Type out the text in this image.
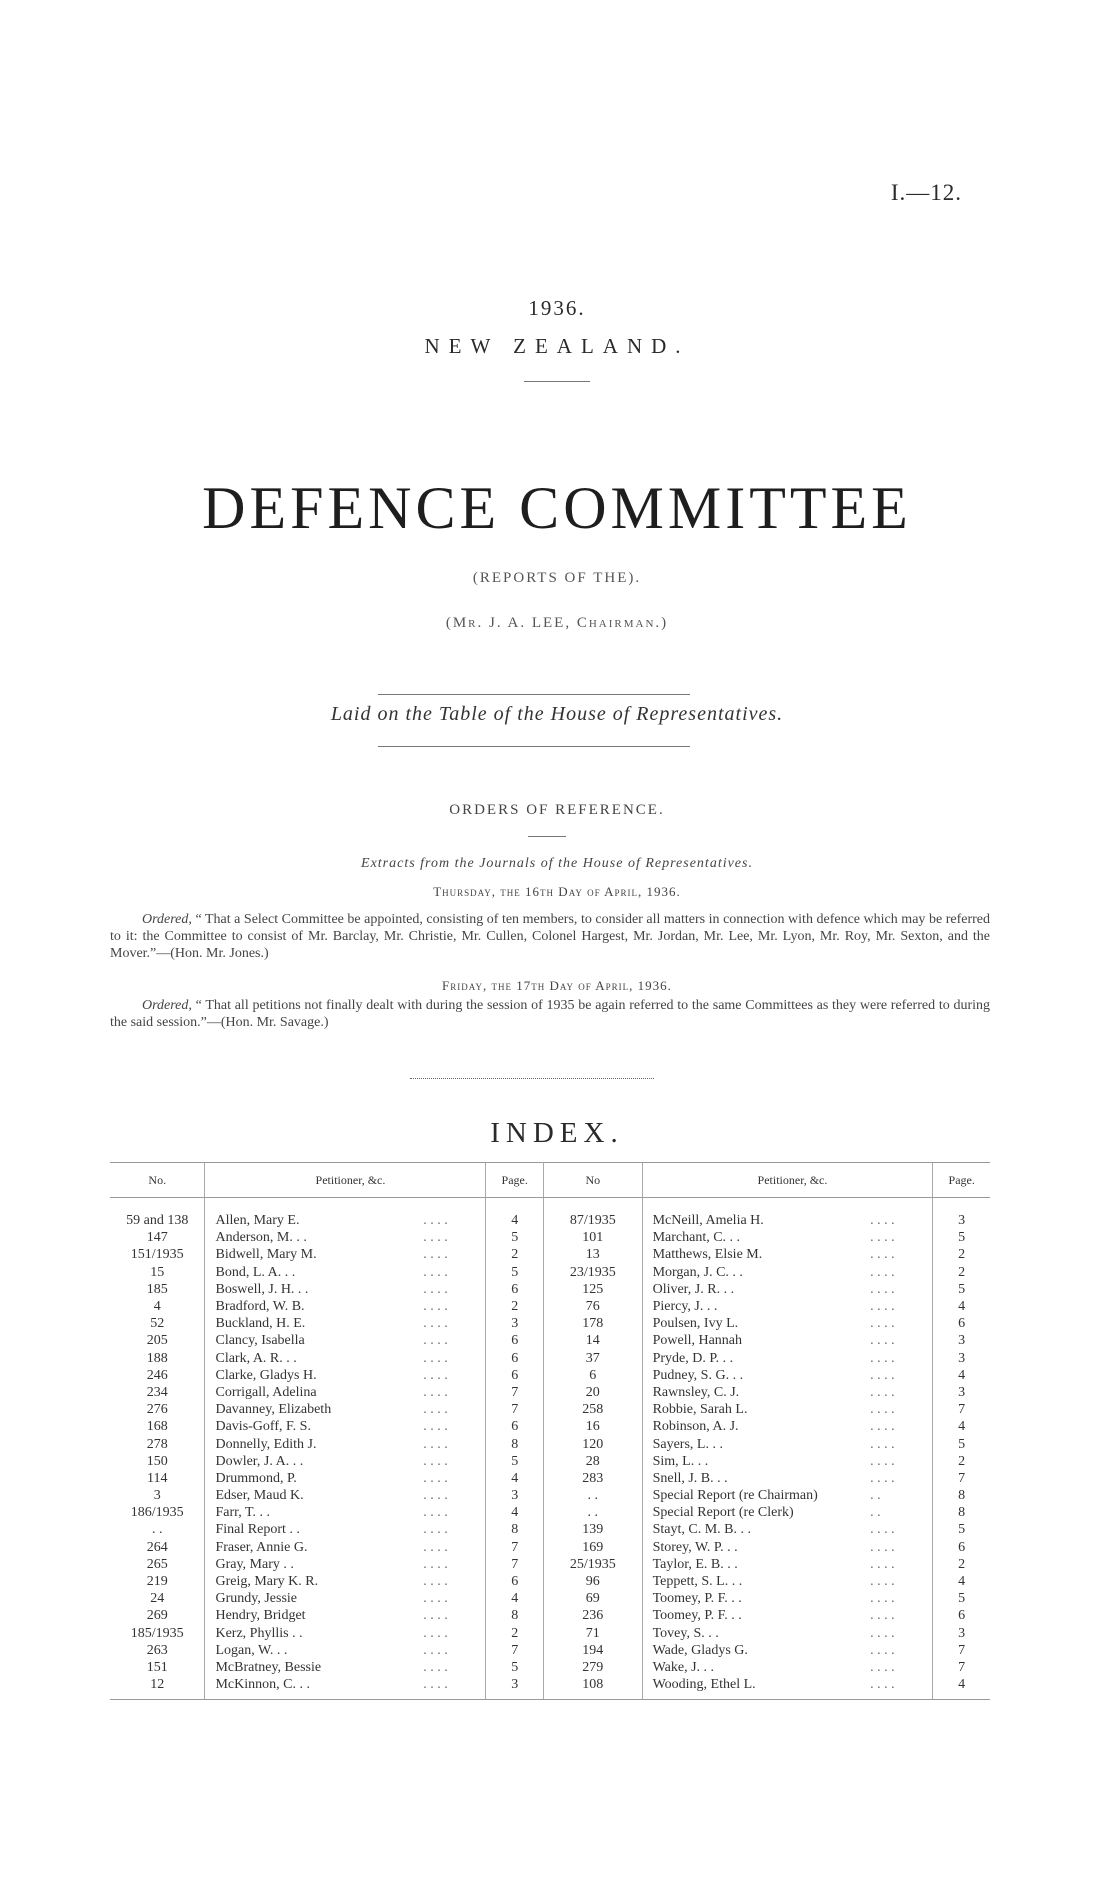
I.—12.
1936.
NEW ZEALAND.
DEFENCE COMMITTEE
(REPORTS OF THE).
(Mr. J. A. LEE, Chairman.)
Laid on the Table of the House of Representatives.
ORDERS OF REFERENCE.
Extracts from the Journals of the House of Representatives.
Thursday, the 16th Day of April, 1936.
Ordered, “ That a Select Committee be appointed, consisting of ten members, to consider all matters in connection with defence which may be referred to it: the Committee to consist of Mr. Barclay, Mr. Christie, Mr. Cullen, Colonel Hargest, Mr. Jordan, Mr. Lee, Mr. Lyon, Mr. Roy, Mr. Sexton, and the Mover.”—(Hon. Mr. Jones.)
Friday, the 17th Day of April, 1936.
Ordered, “ That all petitions not finally dealt with during the session of 1935 be again referred to the same Committees as they were referred to during the said session.”—(Hon. Mr. Savage.)
INDEX.
No.	Petitioner, &c.		Page.	No	Petitioner, &c.		Page.
59 and 138	Allen, Mary E.	. . . .	4	87/1935	McNeill, Amelia H.	. . . .	3
147	Anderson, M. . .	. . . .	5	101	Marchant, C. . .	. . . .	5
151/1935	Bidwell, Mary M.	. . . .	2	13	Matthews, Elsie M.	. . . .	2
15	Bond, L. A. . .	. . . .	5	23/1935	Morgan, J. C. . .	. . . .	2
185	Boswell, J. H. . .	. . . .	6	125	Oliver, J. R. . .	. . . .	5
4	Bradford, W. B.	. . . .	2	76	Piercy, J. . .	. . . .	4
52	Buckland, H. E.	. . . .	3	178	Poulsen, Ivy L.	. . . .	6
205	Clancy, Isabella	. . . .	6	14	Powell, Hannah	. . . .	3
188	Clark, A. R. . .	. . . .	6	37	Pryde, D. P. . .	. . . .	3
246	Clarke, Gladys H.	. . . .	6	6	Pudney, S. G. . .	. . . .	4
234	Corrigall, Adelina	. . . .	7	20	Rawnsley, C. J.	. . . .	3
276	Davanney, Elizabeth	. . . .	7	258	Robbie, Sarah L.	. . . .	7
168	Davis-Goff, F. S.	. . . .	6	16	Robinson, A. J.	. . . .	4
278	Donnelly, Edith J.	. . . .	8	120	Sayers, L. . .	. . . .	5
150	Dowler, J. A. . .	. . . .	5	28	Sim, L. . .	. . . .	2
114	Drummond, P.	. . . .	4	283	Snell, J. B. . .	. . . .	7
3	Edser, Maud K.	. . . .	3	. .	Special Report (re Chairman)	. .	8
186/1935	Farr, T. . .	. . . .	4	. .	Special Report (re Clerk)	. .	8
. .	Final Report . .	. . . .	8	139	Stayt, C. M. B. . .	. . . .	5
264	Fraser, Annie G.	. . . .	7	169	Storey, W. P. . .	. . . .	6
265	Gray, Mary . .	. . . .	7	25/1935	Taylor, E. B. . .	. . . .	2
219	Greig, Mary K. R.	. . . .	6	96	Teppett, S. L. . .	. . . .	4
24	Grundy, Jessie	. . . .	4	69	Toomey, P. F. . .	. . . .	5
269	Hendry, Bridget	. . . .	8	236	Toomey, P. F. . .	. . . .	6
185/1935	Kerz, Phyllis . .	. . . .	2	71	Tovey, S. . .	. . . .	3
263	Logan, W. . .	. . . .	7	194	Wade, Gladys G.	. . . .	7
151	McBratney, Bessie	. . . .	5	279	Wake, J. . .	. . . .	7
12	McKinnon, C. . .	. . . .	3	108	Wooding, Ethel L.	. . . .	4
